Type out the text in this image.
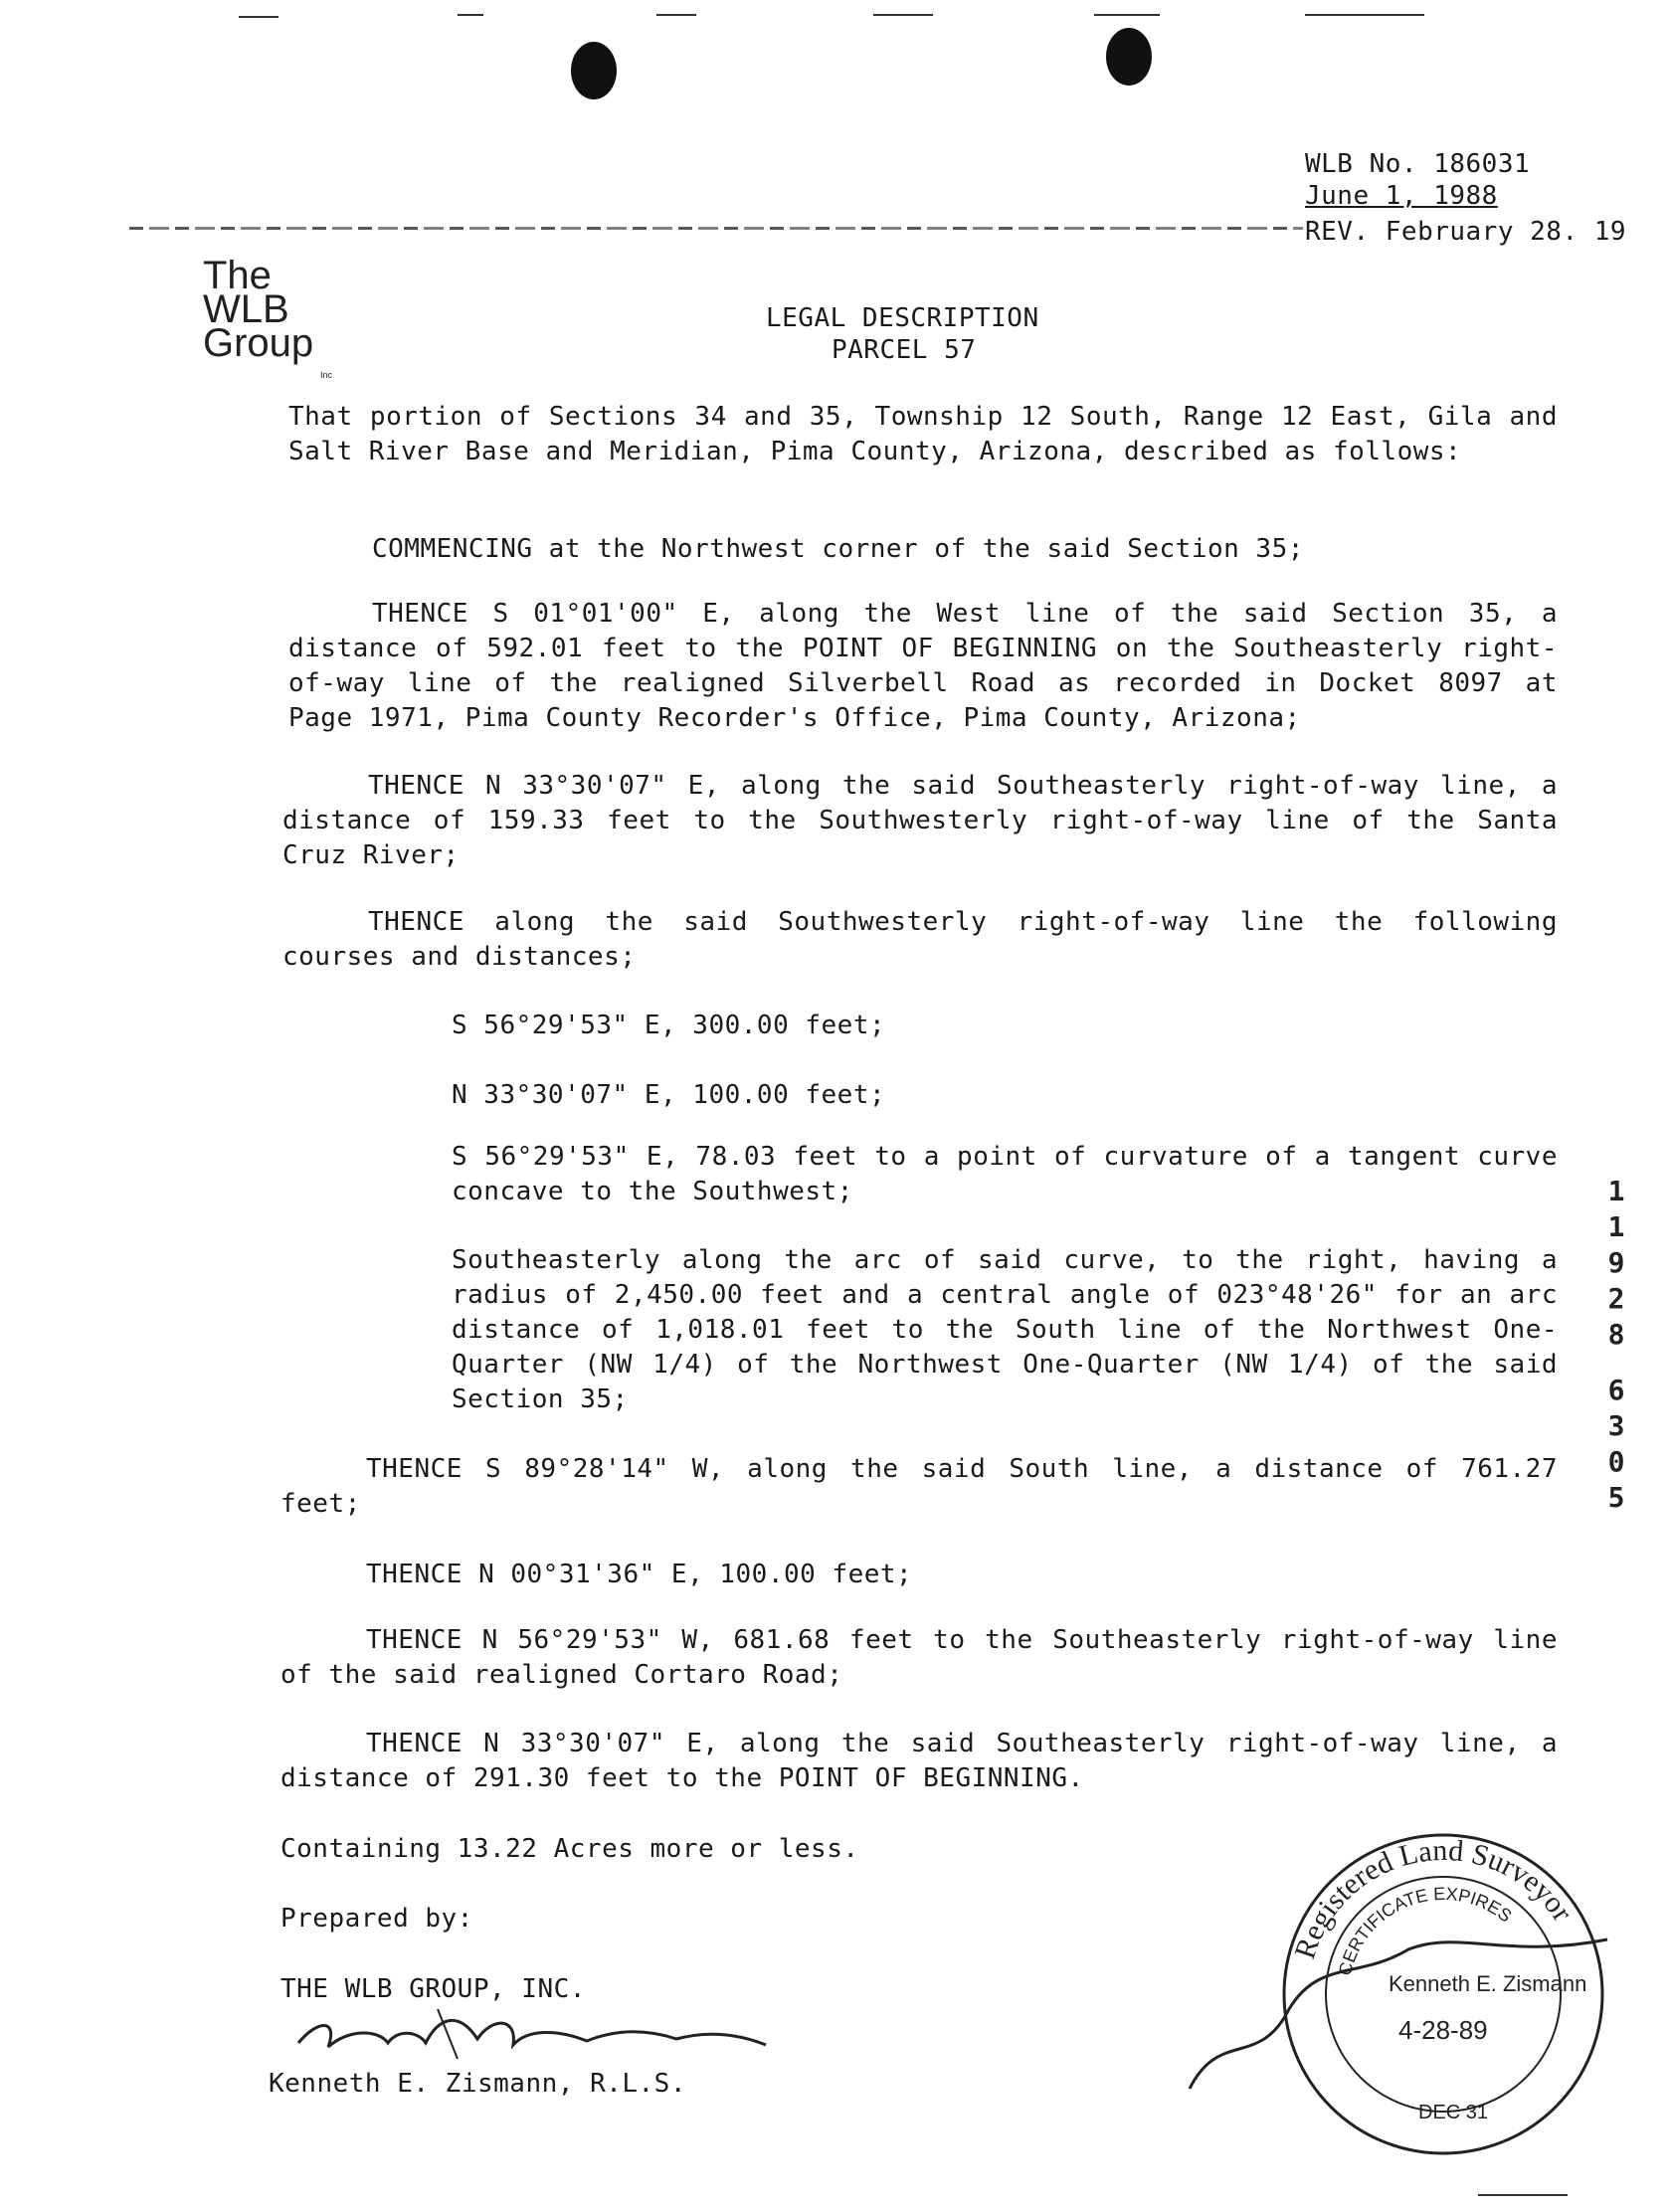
WLB No. 186031
June 1, 1988
REV. February 28. 19
The
WLB
Group
Inc
LEGAL DESCRIPTION
PARCEL 57
That portion of Sections 34 and 35, Township 12 South, Range 12 East, Gila and Salt River Base and Meridian, Pima County, Arizona, described as follows:
COMMENCING at the Northwest corner of the said Section 35;
THENCE S 01°01'00" E, along the West line of the said Section 35, a distance of 592.01 feet to the POINT OF BEGINNING on the Southeasterly right-of-way line of the realigned Silverbell Road as recorded in Docket 8097 at Page 1971, Pima County Recorder's Office, Pima County, Arizona;
THENCE N 33°30'07" E, along the said Southeasterly right-of-way line, a distance of 159.33 feet to the Southwesterly right-of-way line of the Santa Cruz River;
THENCE along the said Southwesterly right-of-way line the following courses and distances;
S 56°29'53" E, 300.00 feet;
N 33°30'07" E, 100.00 feet;
S 56°29'53" E, 78.03 feet to a point of curvature of a tangent curve concave to the Southwest;
Southeasterly along the arc of said curve, to the right, having a radius of 2,450.00 feet and a central angle of 023°48'26" for an arc distance of 1,018.01 feet to the South line of the Northwest One-Quarter (NW 1/4) of the Northwest One-Quarter (NW 1/4) of the said Section 35;
THENCE S 89°28'14" W, along the said South line, a distance of 761.27 feet;
THENCE N 00°31'36" E, 100.00 feet;
THENCE N 56°29'53" W, 681.68 feet to the Southeasterly right-of-way line of the said realigned Cortaro Road;
THENCE N 33°30'07" E, along the said Southeasterly right-of-way line, a distance of 291.30 feet to the POINT OF BEGINNING.
Containing 13.22 Acres more or less.
Prepared by:
THE WLB GROUP, INC.
Kenneth E. Zismann, R.L.S.
1
1
9
2
8
6
3
0
5
Registered Land Surveyor
CERTIFICATE EXPIRES
Kenneth E. Zismann
4-28-89
DEC 31
